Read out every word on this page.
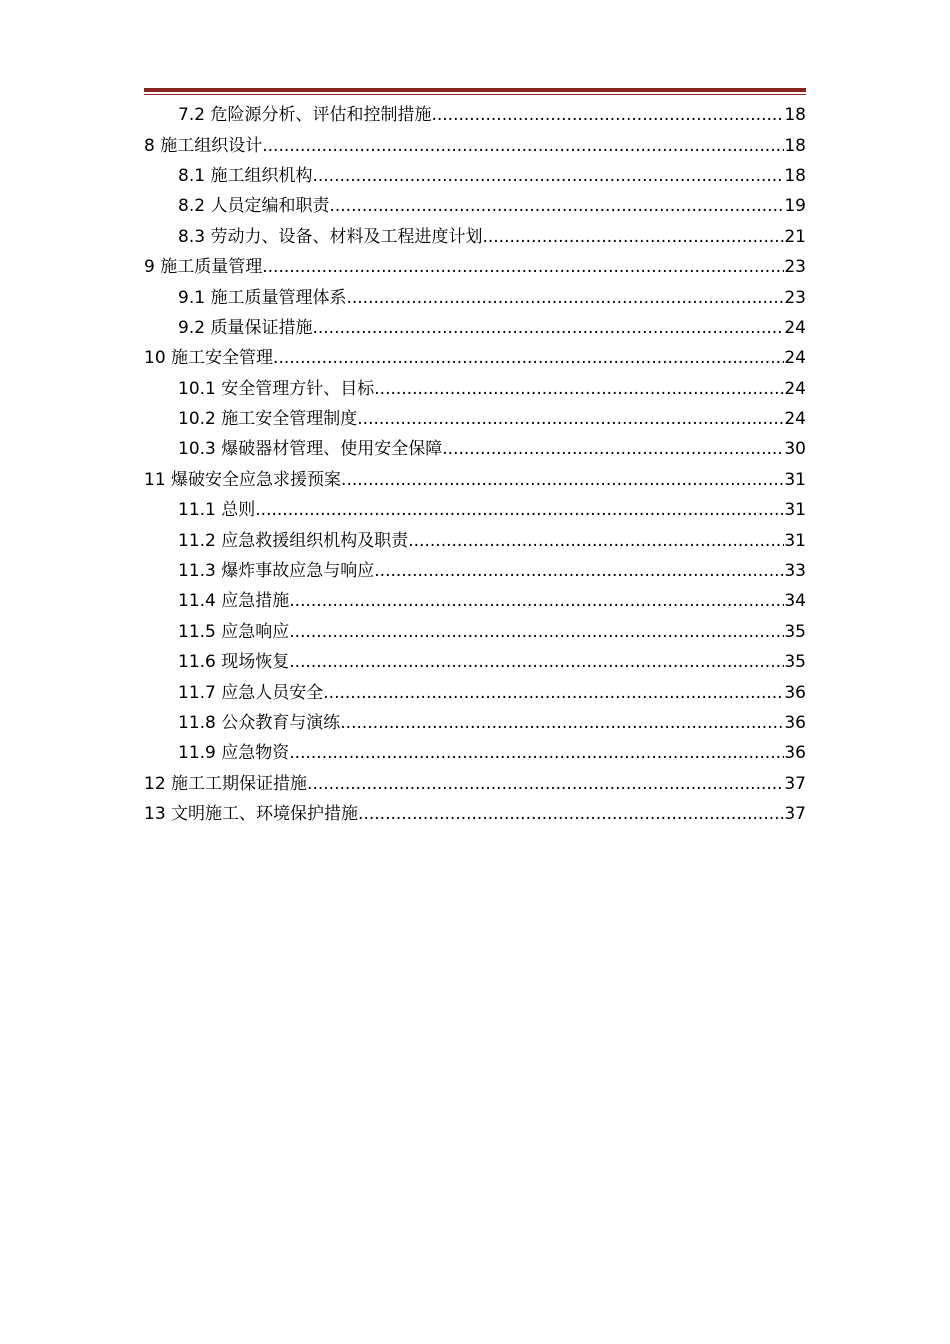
7.2 危险源分析、评估和控制措施 .....	18
8 施工组织设计 .....	18
8.1 施工组织机构 .....	18
8.2 人员定编和职责 .....	19
8.3 劳动力、设备、材料及工程进度计划 .....	21
9 施工质量管理 .....	23
9.1 施工质量管理体系 .....	23
9.2 质量保证措施 .....	24
10 施工安全管理 .....	24
10.1 安全管理方针、目标 .....	24
10.2 施工安全管理制度 .....	24
10.3 爆破器材管理、使用安全保障 .....	30
11 爆破安全应急求援预案 .....	31
11.1 总则 .....	31
11.2 应急救援组织机构及职责 .....	31
11.3 爆炸事故应急与响应 .....	33
11.4 应急措施 .....	34
11.5 应急响应 .....	35
11.6 现场恢复 .....	35
11.7 应急人员安全 .....	36
11.8 公众教育与演练 .....	36
11.9 应急物资 .....	36
12 施工工期保证措施 .....	37
13 文明施工、环境保护措施 .....	37
